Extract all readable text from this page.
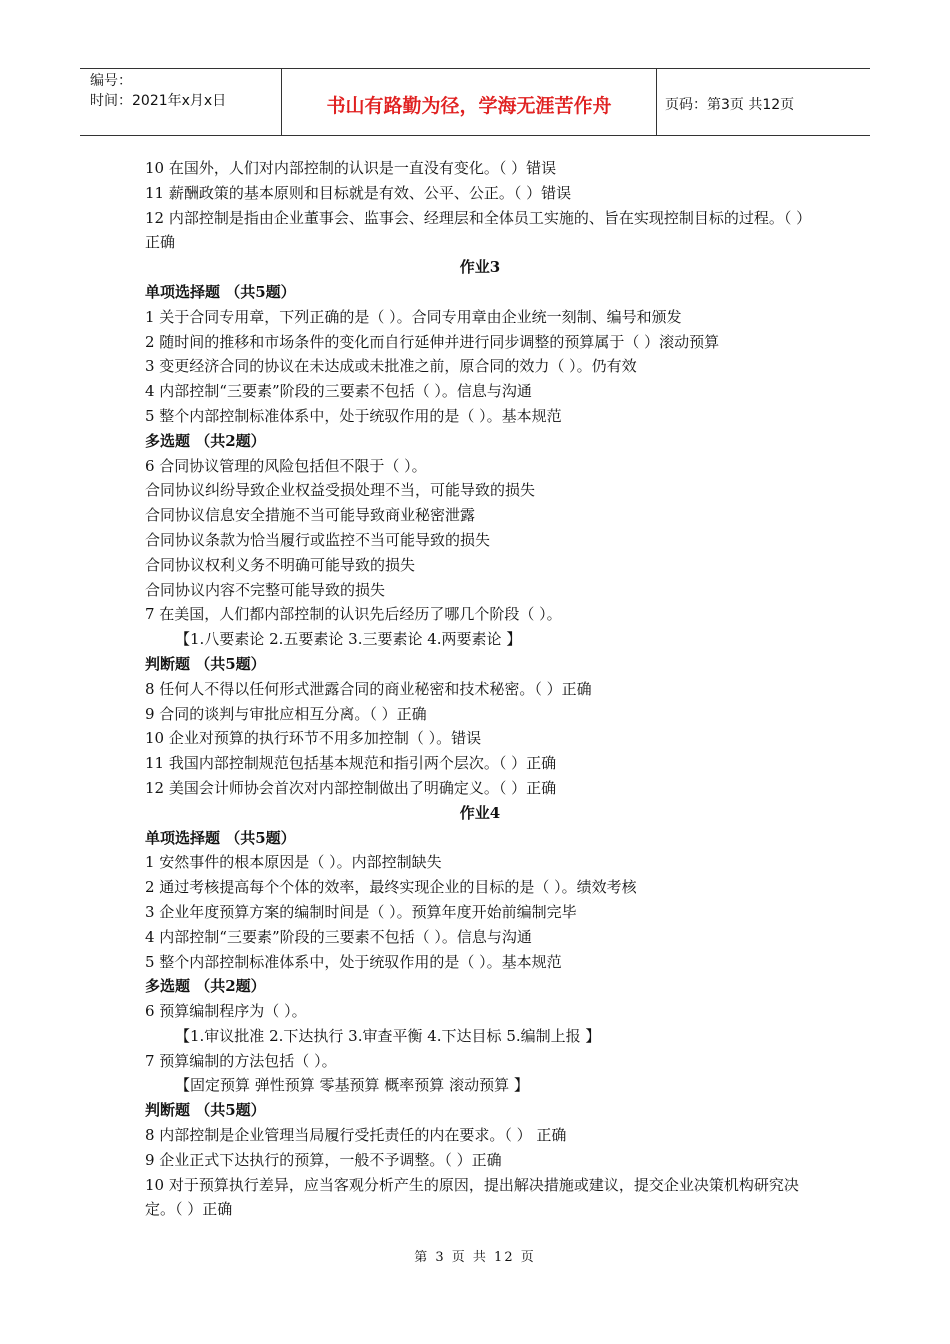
编号：
时间：2021年x月x日	书山有路勤为径，学海无涯苦作舟	页码：第3页 共12页
10 在国外，人们对内部控制的认识是一直没有变化。（ ）错误
11 薪酬政策的基本原则和目标就是有效、公平、公正。（ ）错误
12 内部控制是指由企业董事会、监事会、经理层和全体员工实施的、旨在实现控制目标的过程。（ ） 正确
作业3
单项选择题 （共5题）
1 关于合同专用章，下列正确的是（ ）。合同专用章由企业统一刻制、编号和颁发
2 随时间的推移和市场条件的变化而自行延伸并进行同步调整的预算属于（ ）滚动预算
3 变更经济合同的协议在未达成或未批准之前，原合同的效力（ ）。仍有效
4 内部控制“三要素”阶段的三要素不包括（ ）。信息与沟通
5 整个内部控制标准体系中，处于统驭作用的是（ ）。基本规范
多选题 （共2题）
6 合同协议管理的风险包括但不限于（ ）。
合同协议纠纷导致企业权益受损处理不当，可能导致的损失
合同协议信息安全措施不当可能导致商业秘密泄露
合同协议条款为恰当履行或监控不当可能导致的损失
合同协议权利义务不明确可能导致的损失
合同协议内容不完整可能导致的损失
7 在美国，人们都内部控制的认识先后经历了哪几个阶段（ ）。
【1.八要素论 2.五要素论 3.三要素论 4.两要素论 】
判断题 （共5题）
8 任何人不得以任何形式泄露合同的商业秘密和技术秘密。（ ）正确
9 合同的谈判与审批应相互分离。（ ）正确
10 企业对预算的执行环节不用多加控制（ ）。错误
11 我国内部控制规范包括基本规范和指引两个层次。（ ）正确
12 美国会计师协会首次对内部控制做出了明确定义。（ ）正确
作业4
单项选择题 （共5题）
1 安然事件的根本原因是（ ）。内部控制缺失
2 通过考核提高每个个体的效率，最终实现企业的目标的是（ ）。绩效考核
3 企业年度预算方案的编制时间是（ ）。预算年度开始前编制完毕
4 内部控制“三要素”阶段的三要素不包括（ ）。信息与沟通
5 整个内部控制标准体系中，处于统驭作用的是（ ）。基本规范
多选题 （共2题）
6 预算编制程序为（ ）。
【1.审议批准 2.下达执行 3.审查平衡 4.下达目标 5.编制上报 】
7 预算编制的方法包括（ ）。
【固定预算 弹性预算 零基预算 概率预算 滚动预算 】
判断题 （共5题）
8 内部控制是企业管理当局履行受托责任的内在要求。（ ） 正确
9 企业正式下达执行的预算，一般不予调整。（ ）正确
10 对于预算执行差异，应当客观分析产生的原因，提出解决措施或建议，提交企业决策机构研究决定。（ ）正确
第 3 页 共 12 页
